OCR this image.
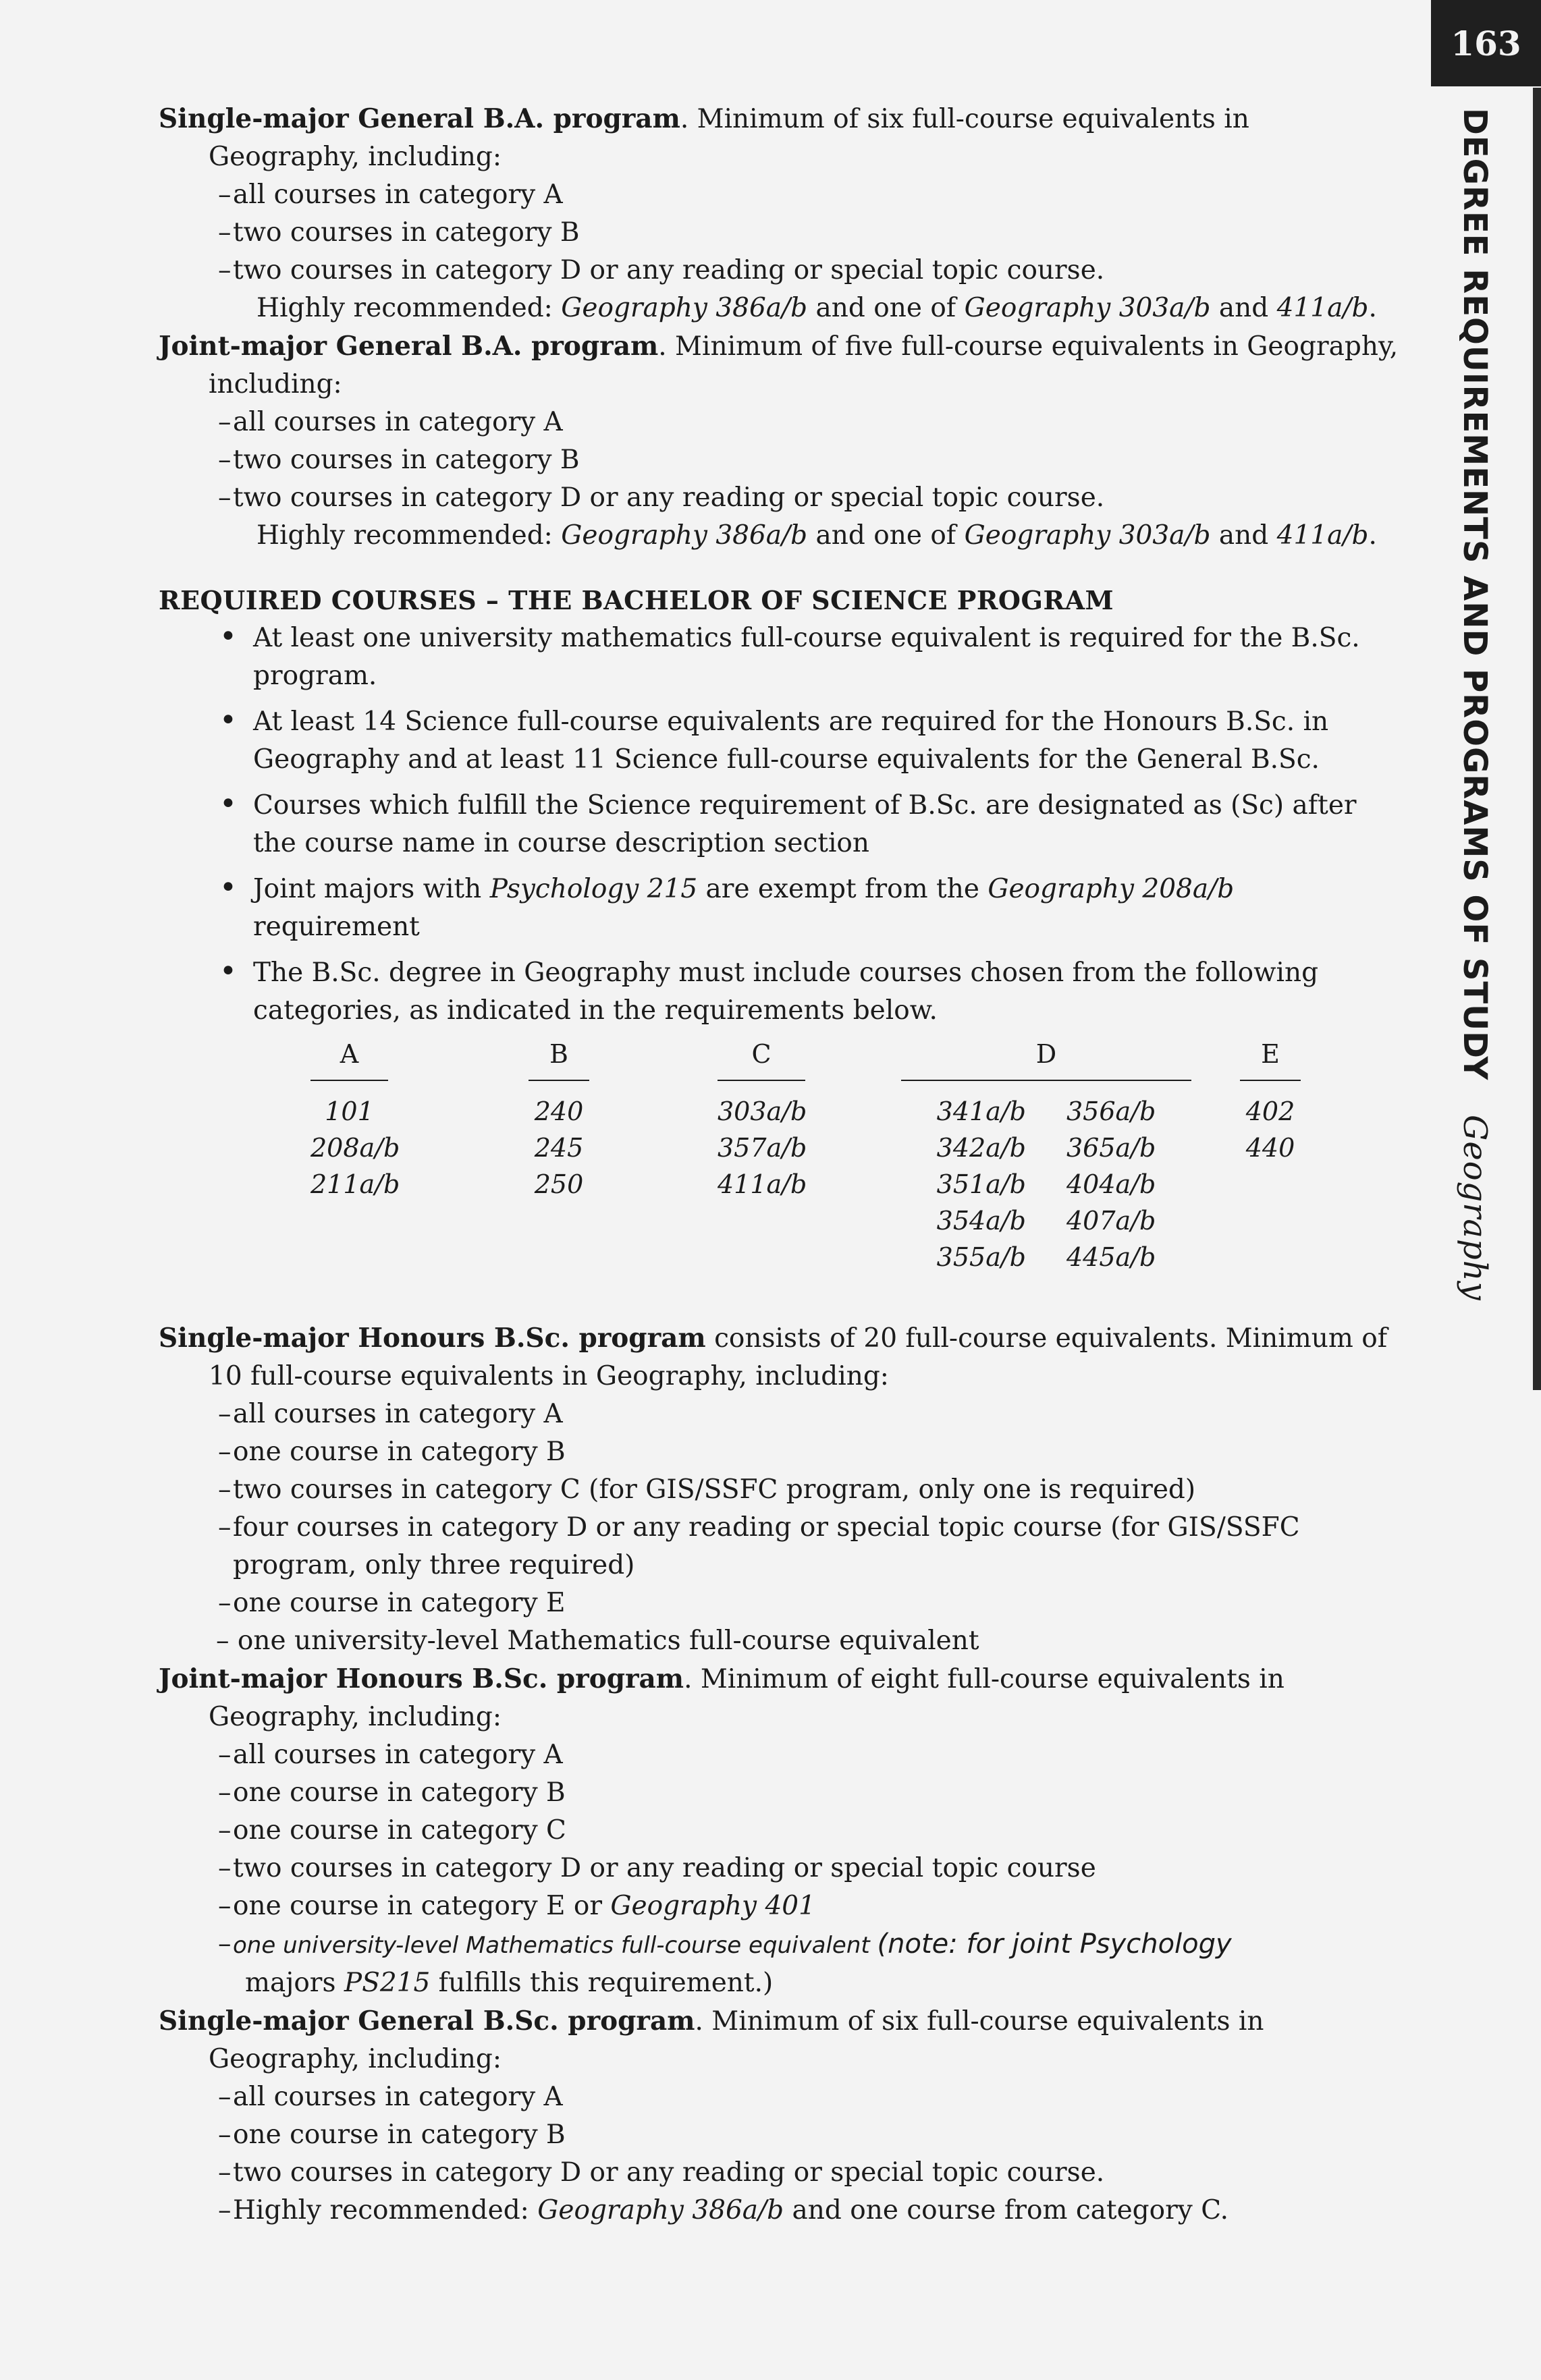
163
DEGREE REQUIREMENTS AND PROGRAMS OF STUDY Geography

Single-major General B.A. program. Minimum of six full-course equivalents in Geography, including:

– all courses in category A
– two courses in category B
– two courses in category D or any reading or special topic course.
Highly recommended: Geography 386a/b and one of Geography 303a/b and 411a/b.

Joint-major General B.A. program. Minimum of five full-course equivalents in Geography, including:

– all courses in category A
– two courses in category B
– two courses in category D or any reading or special topic course.
Highly recommended: Geography 386a/b and one of Geography 303a/b and 411a/b.
REQUIRED COURSES – THE BACHELOR OF SCIENCE PROGRAM
• At least one university mathematics full-course equivalent is required for the B.Sc. program.
• At least 14 Science full-course equivalents are required for the Honours B.Sc. in Geography and at least 11 Science full-course equivalents for the General B.Sc.
• Courses which fulfill the Science requirement of B.Sc. are designated as (Sc) after the course name in course description section
• Joint majors with Psychology 215 are exempt from the Geography 208a/b requirement
• The B.Sc. degree in Geography must include courses chosen from the following categories, as indicated in the requirements below.
A
101
208a/b
211a/b
B
240
245
250
C
303a/b
357a/b
411a/b
D
341a/b
342a/b
351a/b
354a/b
355a/b
356a/b
365a/b
404a/b
407a/b
445a/b
E
402
440

Single-major Honours B.Sc. program consists of 20 full-course equivalents. Minimum of 10 full-course equivalents in Geography, including:

– all courses in category A
– one course in category B
– two courses in category C (for GIS/SSFC program, only one is required)
– four courses in category D or any reading or special topic course (for GIS/SSFC program, only three required)
– one course in category E
– one university-level Mathematics full-course equivalent

Joint-major Honours B.Sc. program. Minimum of eight full-course equivalents in Geography, including:

– all courses in category A
– one course in category B
– one course in category C
– two courses in category D or any reading or special topic course
– one course in category E or Geography 401
– one university-level Mathematics full-course equivalent (note: for joint Psychology
majors PS215 fulfills this requirement.)

Single-major General B.Sc. program. Minimum of six full-course equivalents in Geography, including:

– all courses in category A
– one course in category B
– two courses in category D or any reading or special topic course.
– Highly recommended: Geography 386a/b and one course from category C.
